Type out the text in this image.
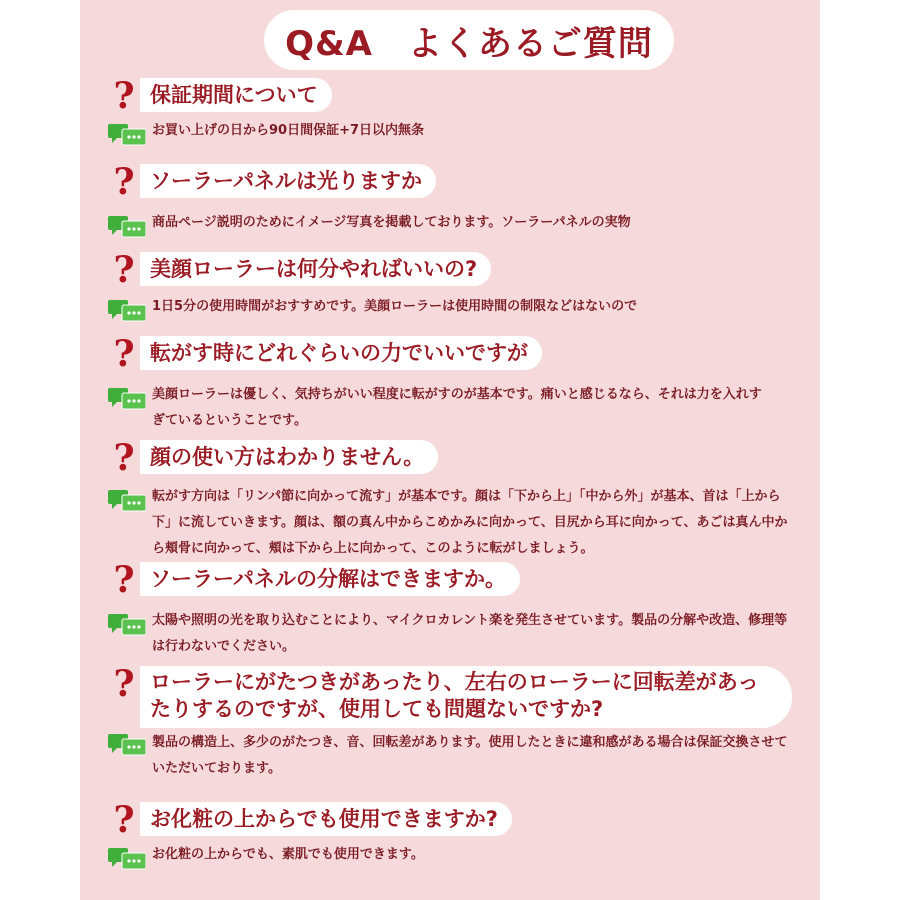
Q&A　よくあるご質問
? 保証期間について
お買い上げの日から90日間保証+7日以内無条
? ソーラーパネルは光りますか
商品ページ説明のためにイメージ写真を掲載しております。ソーラーパネルの実物
? 美顔ローラーは何分やればいいの?
1日5分の使用時間がおすすめです。美顔ローラーは使用時間の制限などはないので
? 転がす時にどれぐらいの力でいいですが
美顔ローラーは優しく、気持ちがいい程度に転がすのが基本です。痛いと感じるなら、それは力を入れすぎているということです。
? 顔の使い方はわかりません。
転がす方向は「リンパ節に向かって流す」が基本です。顔は「下から上」「中から外」が基本、首は「上から下」に流していきます。顔は、額の真ん中からこめかみに向かって、目尻から耳に向かって、あごは真ん中から頬骨に向かって、頬は下から上に向かって、このように転がしましょう。
? ソーラーパネルの分解はできますか。
太陽や照明の光を取り込むことにより、マイクロカレント楽を発生させています。製品の分解や改造、修理等は行わないでください。
? ローラーにがたつきがあったり、左右のローラーに回転差があったりするのですが、使用しても問題ないですか?
製品の構造上、多少のがたつき、音、回転差があります。使用したときに違和感がある場合は保証交換させていただいております。
? お化粧の上からでも使用できますか?
お化粧の上からでも、素肌でも使用できます。
